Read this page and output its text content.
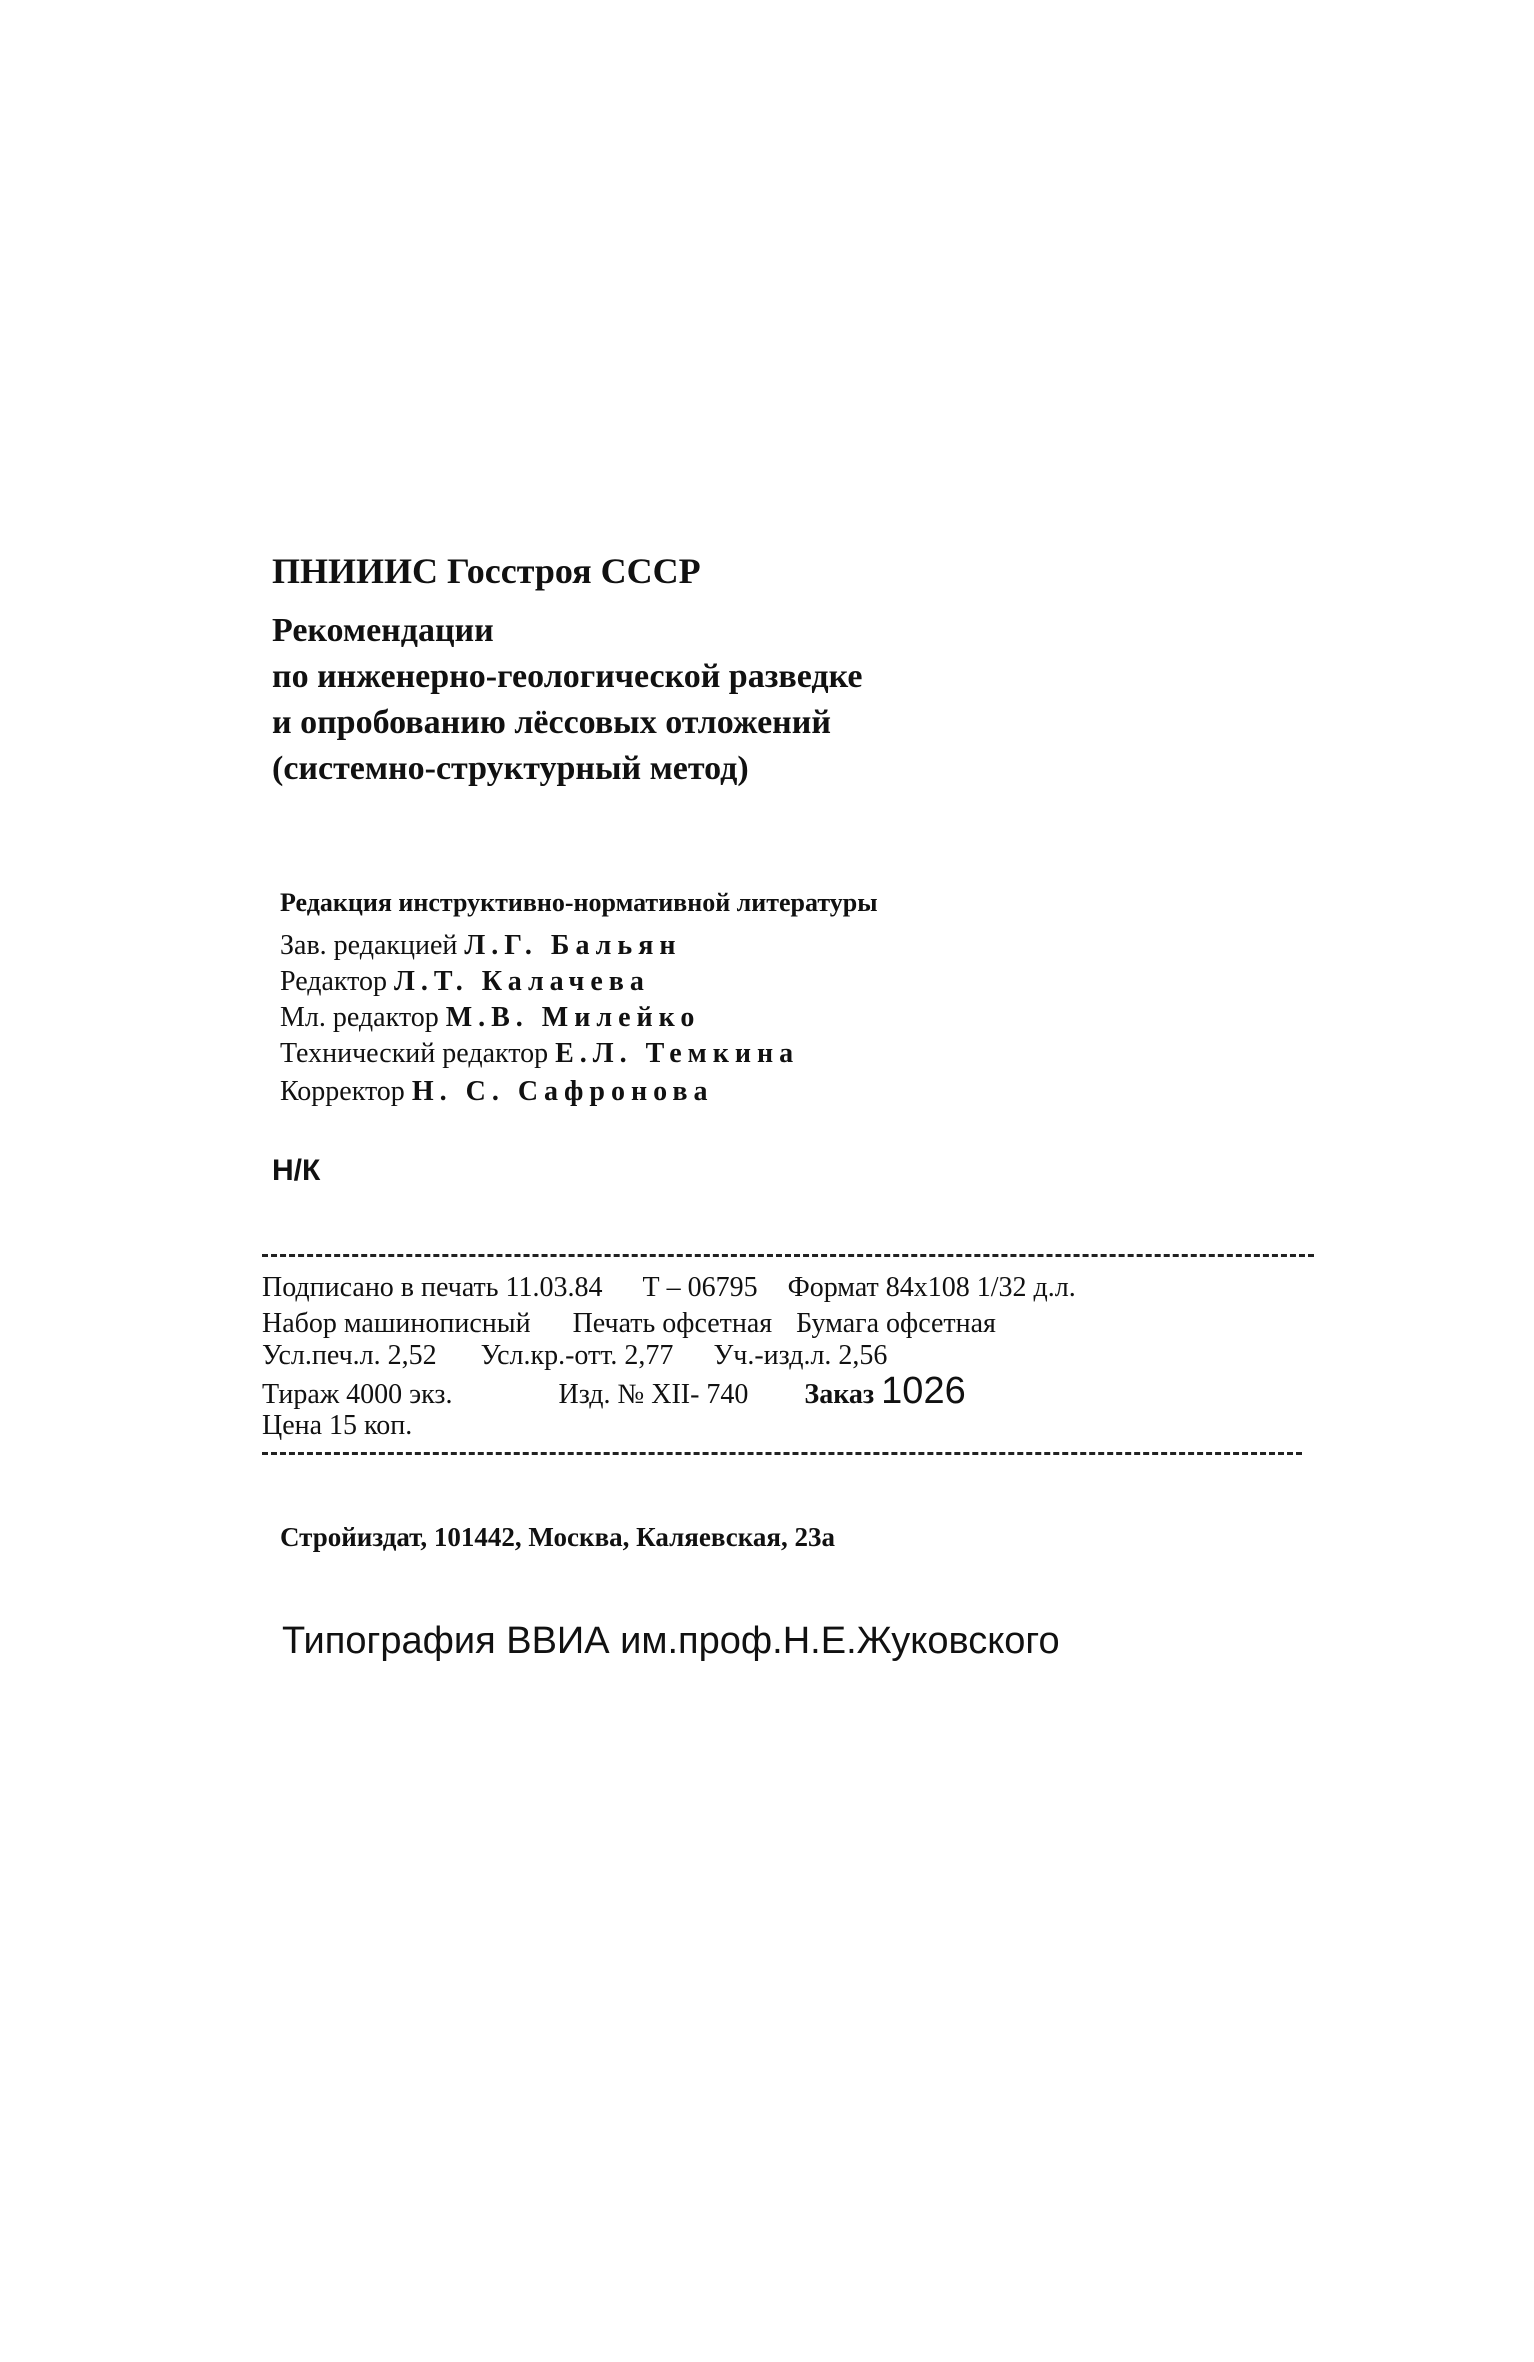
ПНИИИС Госстроя СССР
Рекомендации
по инженерно-геологической разведке
и опробованию лёссовых отложений
(системно-структурный метод)
Редакция инструктивно-нормативной литературы
Зав. редакцией Л.Г. Бальян
Редактор Л.Т. Калачева
Мл. редактор М.В. Милейко
Технический редактор Е.Л. Темкина
Корректор Н. С. Сафронова
Н/К
Подписано в печать 11.03.84 Т – 06795 Формат 84х108 1/32 д.л.
Набор машинописный Печать офсетная Бумага офсетная
Усл.печ.л. 2,52 Усл.кр.-отт. 2,77 Уч.-изд.л. 2,56
Тираж 4000 экз.	Изд. № XII- 740 Заказ 1026
Цена 15 коп.
Стройиздат, 101442, Москва, Каляевская, 23а
Типография ВВИА им.проф.Н.Е.Жуковского
